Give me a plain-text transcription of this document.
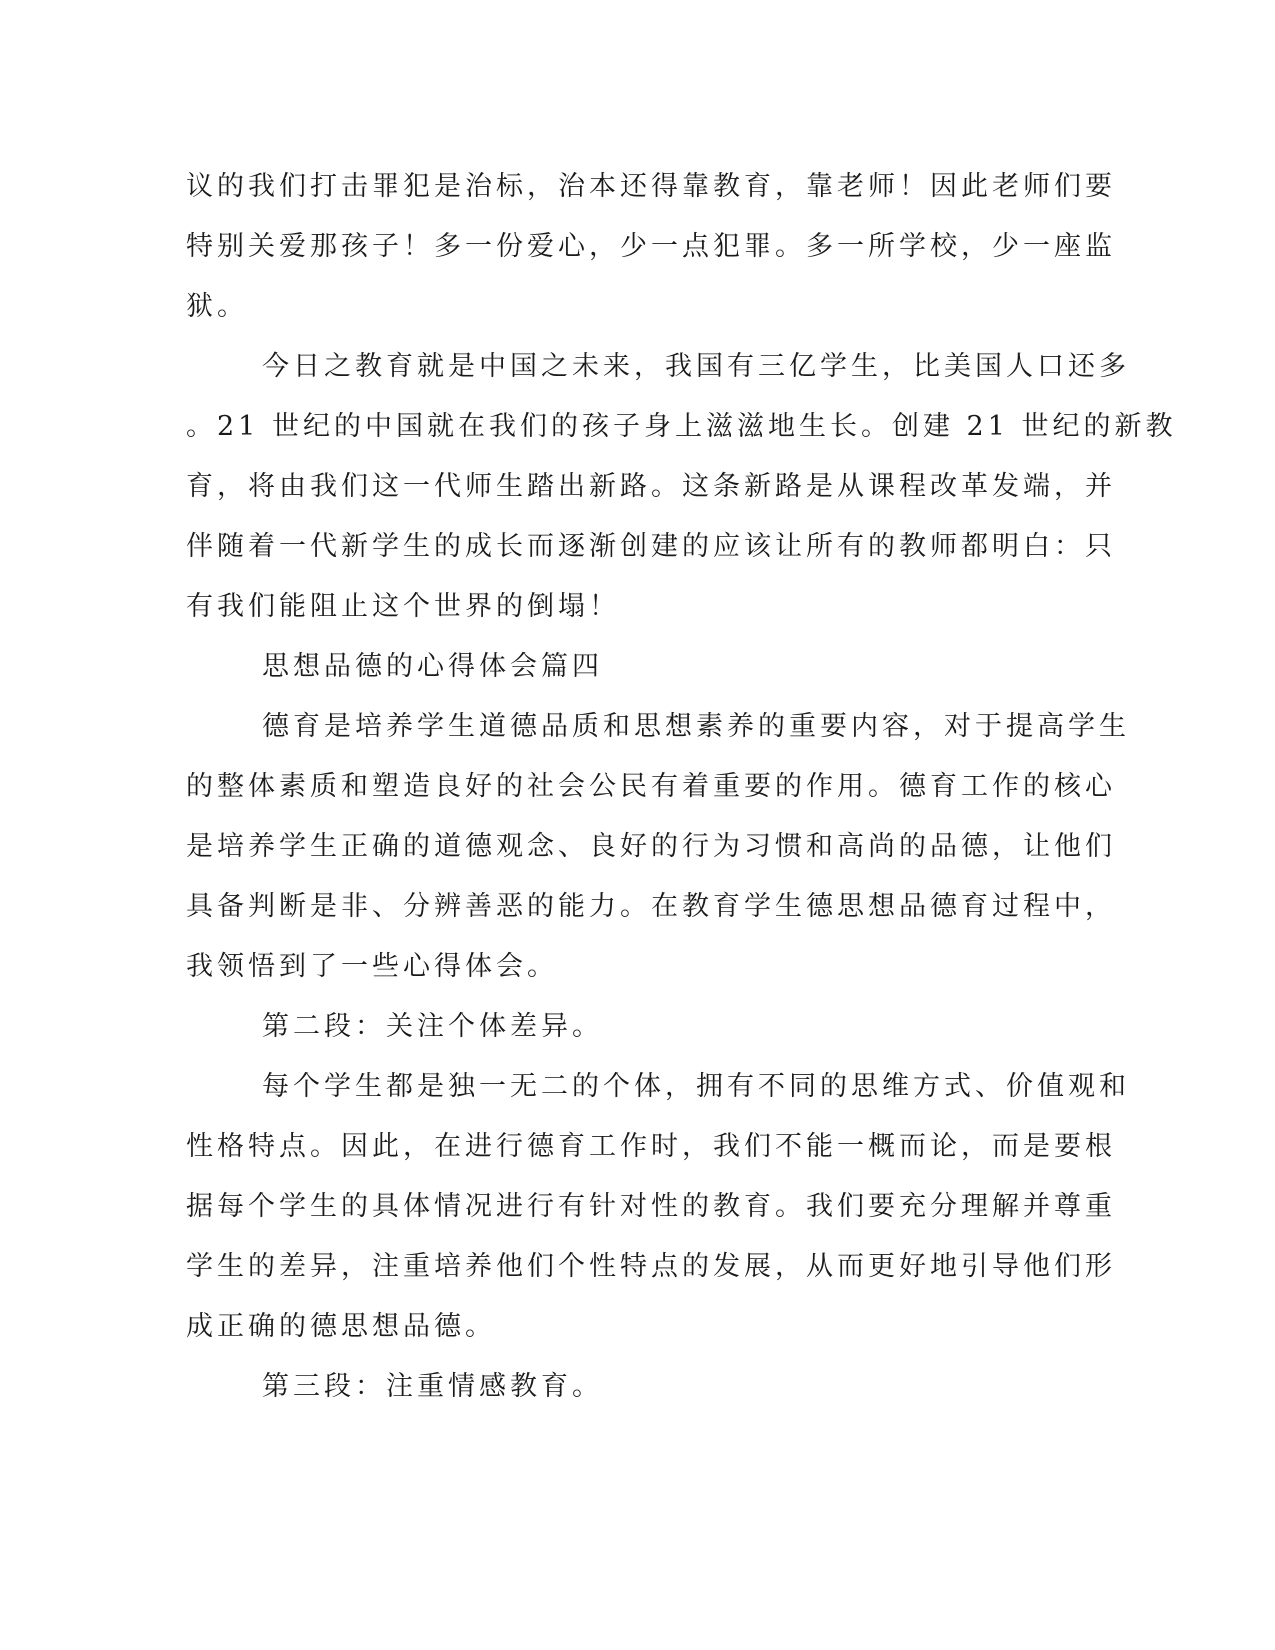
议的我们打击罪犯是治标，治本还得靠教育，靠老师！因此老师们要
特别关爱那孩子！多一份爱心，少一点犯罪。多一所学校，少一座监
狱。
今日之教育就是中国之未来，我国有三亿学生，比美国人口还多
。21 世纪的中国就在我们的孩子身上滋滋地生长。创建 21 世纪的新教
育，将由我们这一代师生踏出新路。这条新路是从课程改革发端，并
伴随着一代新学生的成长而逐渐创建的应该让所有的教师都明白：只
有我们能阻止这个世界的倒塌！
思想品德的心得体会篇四
德育是培养学生道德品质和思想素养的重要内容，对于提高学生
的整体素质和塑造良好的社会公民有着重要的作用。德育工作的核心
是培养学生正确的道德观念、良好的行为习惯和高尚的品德，让他们
具备判断是非、分辨善恶的能力。在教育学生德思想品德育过程中，
我领悟到了一些心得体会。
第二段：关注个体差异。
每个学生都是独一无二的个体，拥有不同的思维方式、价值观和
性格特点。因此，在进行德育工作时，我们不能一概而论，而是要根
据每个学生的具体情况进行有针对性的教育。我们要充分理解并尊重
学生的差异，注重培养他们个性特点的发展，从而更好地引导他们形
成正确的德思想品德。
第三段：注重情感教育。
